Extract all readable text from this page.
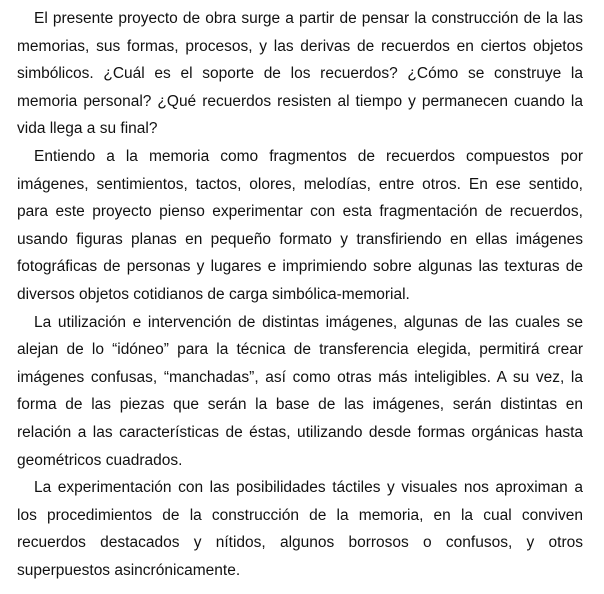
El presente proyecto de obra surge a partir de pensar la construcción de la las memorias, sus formas, procesos, y las derivas de recuerdos en ciertos objetos simbólicos. ¿Cuál es el soporte de los recuerdos? ¿Cómo se construye la memoria personal? ¿Qué recuerdos resisten al tiempo y permanecen cuando la vida llega a su final?

Entiendo a la memoria como fragmentos de recuerdos compuestos por imágenes, sentimientos, tactos, olores, melodías, entre otros. En ese sentido, para este proyecto pienso experimentar con esta fragmentación de recuerdos, usando figuras planas en pequeño formato y transfiriendo en ellas imágenes fotográficas de personas y lugares e imprimiendo sobre algunas las texturas de diversos objetos cotidianos de carga simbólica-memorial.

La utilización e intervención de distintas imágenes, algunas de las cuales se alejan de lo “idóneo” para la técnica de transferencia elegida, permitirá crear imágenes confusas, “manchadas”, así como otras más inteligibles. A su vez, la forma de las piezas que serán la base de las imágenes, serán distintas en relación a las características de éstas, utilizando desde formas orgánicas hasta geométricos cuadrados.

La experimentación con las posibilidades táctiles y visuales nos aproximan a los procedimientos de la construcción de la memoria, en la cual conviven recuerdos destacados y nítidos, algunos borrosos o confusos, y otros superpuestos asincrónicamente.
